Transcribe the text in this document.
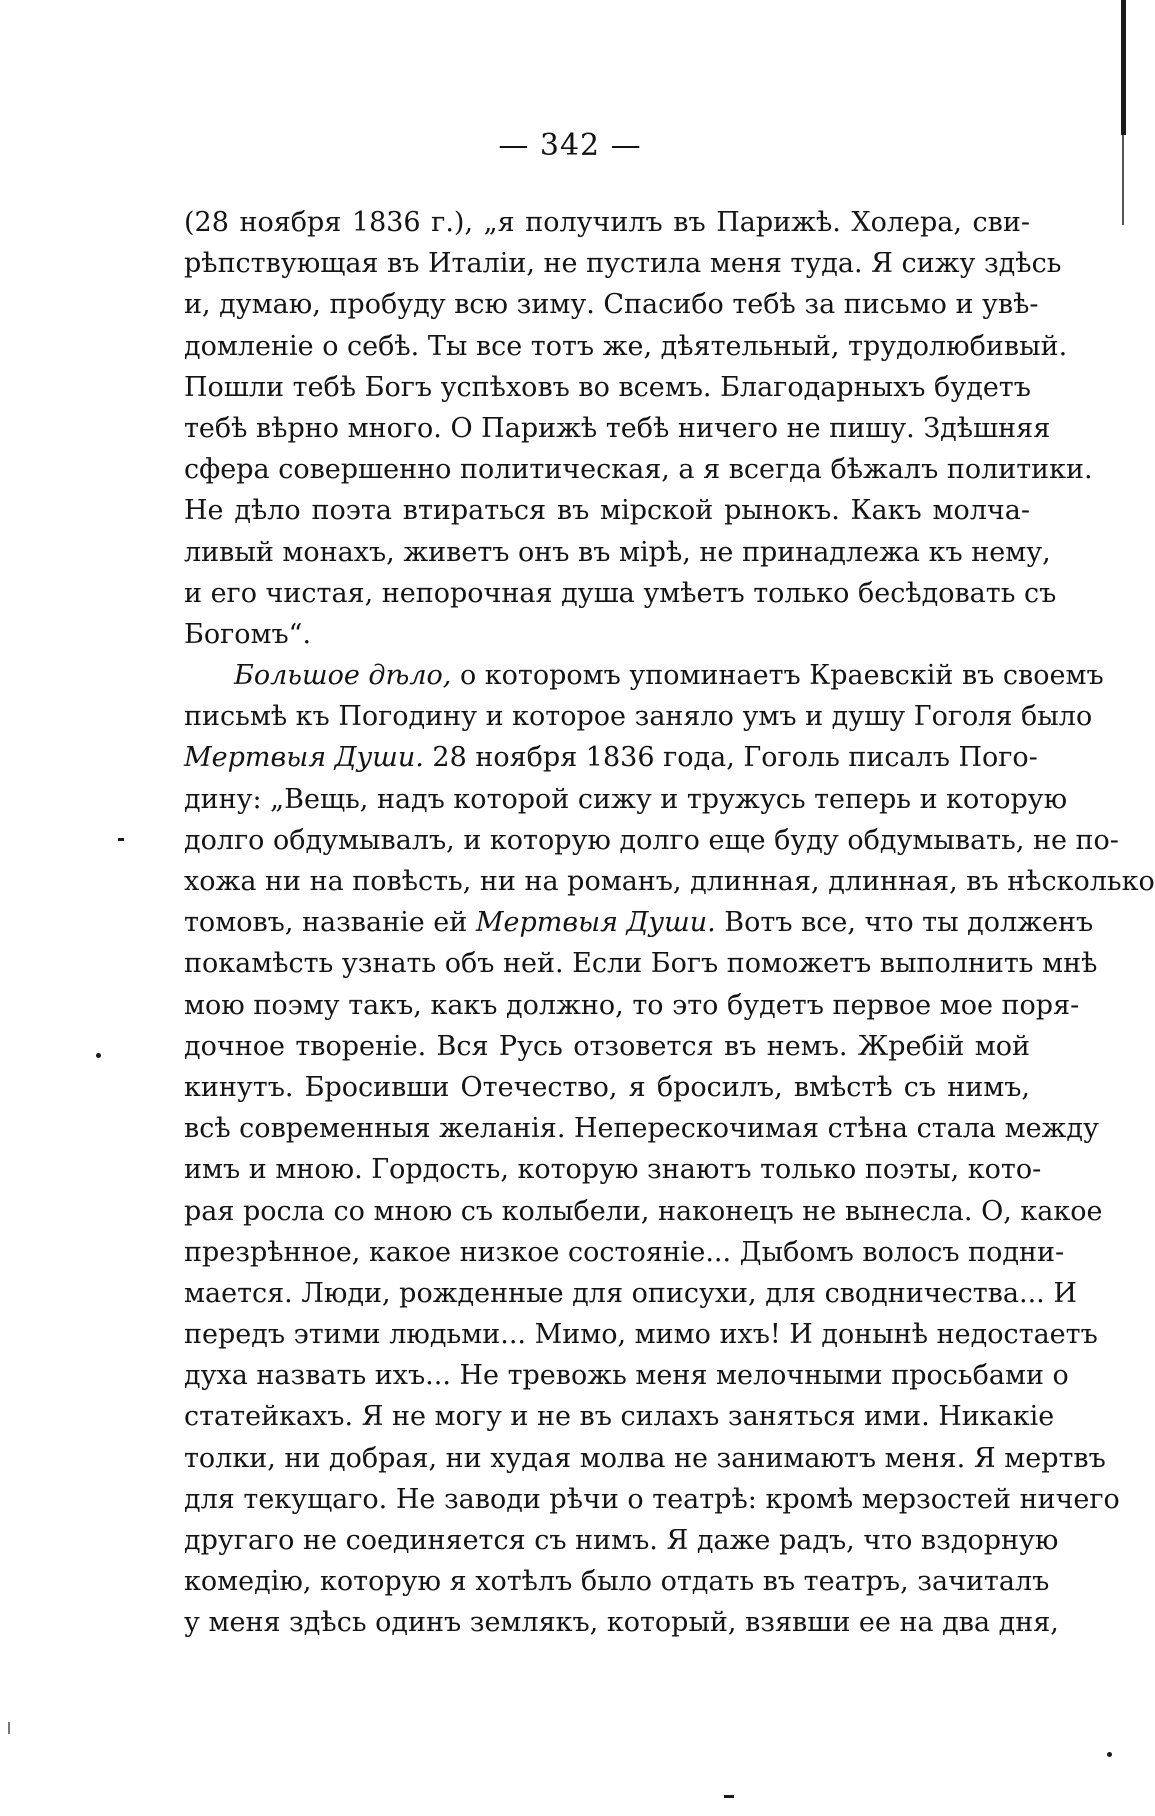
— 342 —
(28 ноября 1836 г.), „я получилъ въ Парижѣ. Холера, сви-
рѣпствующая въ Италіи, не пустила меня туда. Я сижу здѣсь
и, думаю, пробуду всю зиму. Спасибо тебѣ за письмо и увѣ-
домленіе о себѣ. Ты все тотъ же, дѣятельный, трудолюбивый.
Пошли тебѣ Богъ успѣховъ во всемъ. Благодарныхъ будетъ
тебѣ вѣрно много. О Парижѣ тебѣ ничего не пишу. Здѣшняя
сфера совершенно политическая, а я всегда бѣжалъ политики.
Не дѣло поэта втираться въ мірской рынокъ. Какъ молча-
ливый монахъ, живетъ онъ въ мірѣ, не принадлежа къ нему,
и его чистая, непорочная душа умѣетъ только бесѣдовать съ
Богомъ“.
Большое дѣло, о которомъ упоминаетъ Краевскій въ своемъ
письмѣ къ Погодину и которое заняло умъ и душу Гоголя было
Мертвыя Души. 28 ноября 1836 года, Гоголь писалъ Пого-
дину: „Вещь, надъ которой сижу и тружусь теперь и которую
долго обдумывалъ, и которую долго еще буду обдумывать, не по-
хожа ни на повѣсть, ни на романъ, длинная, длинная, въ нѣсколько
томовъ, названіе ей Мертвыя Души. Вотъ все, что ты долженъ
покамѣсть узнать объ ней. Если Богъ поможетъ выполнить мнѣ
мою поэму такъ, какъ должно, то это будетъ первое мое поря-
дочное твореніе. Вся Русь отзовется въ немъ. Жребій мой
кинутъ. Бросивши Отечество, я бросилъ, вмѣстѣ съ нимъ,
всѣ современныя желанія. Неперескочимая стѣна стала между
имъ и мною. Гордость, которую знаютъ только поэты, кото-
рая росла со мною съ колыбели, наконецъ не вынесла. О, какое
презрѣнное, какое низкое состояніе... Дыбомъ волосъ подни-
мается. Люди, рожденные для описухи, для сводничества... И
передъ этими людьми... Мимо, мимо ихъ! И донынѣ недостаетъ
духа назвать ихъ... Не тревожь меня мелочными просьбами о
статейкахъ. Я не могу и не въ силахъ заняться ими. Никакіе
толки, ни добрая, ни худая молва не занимаютъ меня. Я мертвъ
для текущаго. Не заводи рѣчи о театрѣ: кромѣ мерзостей ничего
другаго не соединяется съ нимъ. Я даже радъ, что вздорную
комедію, которую я хотѣлъ было отдать въ театръ, зачиталъ
у меня здѣсь одинъ землякъ, который, взявши ее на два дня,
